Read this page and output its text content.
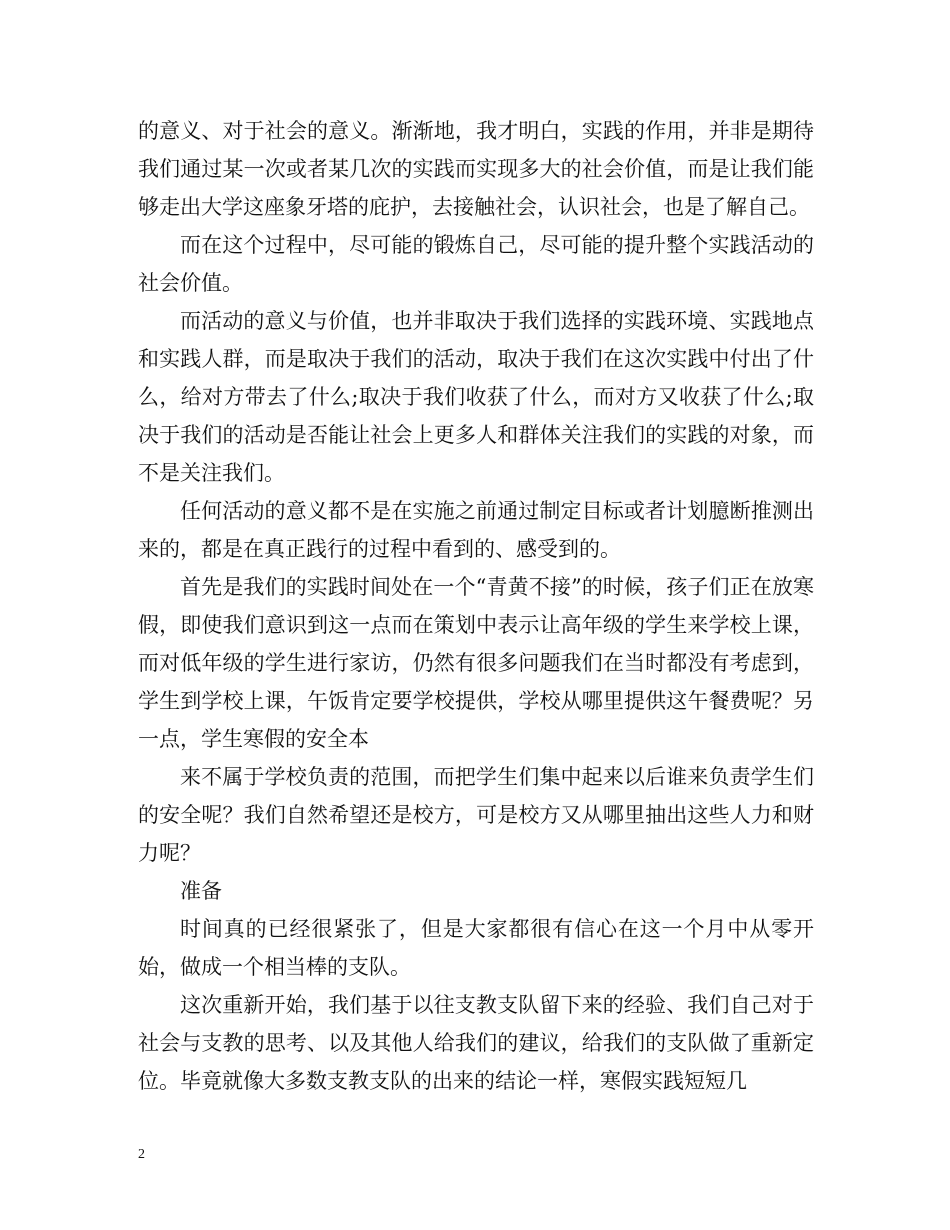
的意义、对于社会的意义。渐渐地，我才明白，实践的作用，并非是期待我们通过某一次或者某几次的实践而实现多大的社会价值，而是让我们能够走出大学这座象牙塔的庇护，去接触社会，认识社会，也是了解自己。

而在这个过程中，尽可能的锻炼自己，尽可能的提升整个实践活动的社会价值。

而活动的意义与价值，也并非取决于我们选择的实践环境、实践地点和实践人群，而是取决于我们的活动，取决于我们在这次实践中付出了什么，给对方带去了什么;取决于我们收获了什么，而对方又收获了什么;取决于我们的活动是否能让社会上更多人和群体关注我们的实践的对象，而不是关注我们。

任何活动的意义都不是在实施之前通过制定目标或者计划臆断推测出来的，都是在真正践行的过程中看到的、感受到的。

首先是我们的实践时间处在一个“青黄不接”的时候，孩子们正在放寒假，即使我们意识到这一点而在策划中表示让高年级的学生来学校上课，而对低年级的学生进行家访，仍然有很多问题我们在当时都没有考虑到，学生到学校上课，午饭肯定要学校提供，学校从哪里提供这午餐费呢？另一点，学生寒假的安全本

来不属于学校负责的范围，而把学生们集中起来以后谁来负责学生们的安全呢？我们自然希望还是校方，可是校方又从哪里抽出这些人力和财力呢？

准备

时间真的已经很紧张了，但是大家都很有信心在这一个月中从零开始，做成一个相当棒的支队。

这次重新开始，我们基于以往支教支队留下来的经验、我们自己对于社会与支教的思考、以及其他人给我们的建议，给我们的支队做了重新定位。毕竟就像大多数支教支队的出来的结论一样，寒假实践短短几

2
